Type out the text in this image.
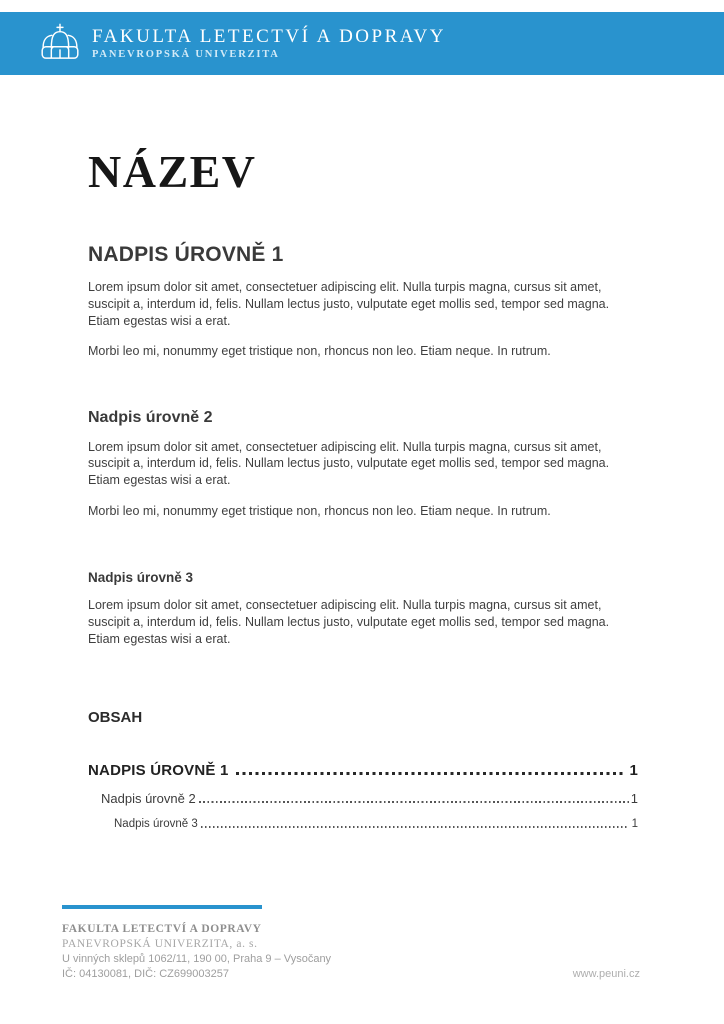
FAKULTA LETECTVÍ A DOPRAVY
PANEVROPSKÁ UNIVERZITA
NÁZEV
NADPIS ÚROVNĚ 1

Lorem ipsum dolor sit amet, consectetuer adipiscing elit. Nulla turpis magna, cursus sit amet, suscipit a, interdum id, felis. Nullam lectus justo, vulputate eget mollis sed, tempor sed magna. Etiam egestas wisi a erat.

Morbi leo mi, nonummy eget tristique non, rhoncus non leo. Etiam neque. In rutrum.

Nadpis úrovně 2

Lorem ipsum dolor sit amet, consectetuer adipiscing elit. Nulla turpis magna, cursus sit amet, suscipit a, interdum id, felis. Nullam lectus justo, vulputate eget mollis sed, tempor sed magna. Etiam egestas wisi a erat.

Morbi leo mi, nonummy eget tristique non, rhoncus non leo. Etiam neque. In rutrum.

Nadpis úrovně 3

Lorem ipsum dolor sit amet, consectetuer adipiscing elit. Nulla turpis magna, cursus sit amet, suscipit a, interdum id, felis. Nullam lectus justo, vulputate eget mollis sed, tempor sed magna. Etiam egestas wisi a erat.

OBSAH
NADPIS ÚROVNĚ 1	1
Nadpis úrovně 2	1
Nadpis úrovně 3	1
FAKULTA LETECTVÍ A DOPRAVY
PANEVROPSKÁ UNIVERZITA, a. s.
U vinných sklepů 1062/11, 190 00, Praha 9 – Vysočany
IČ: 04130081, DIČ: CZ699003257	www.peuni.cz
